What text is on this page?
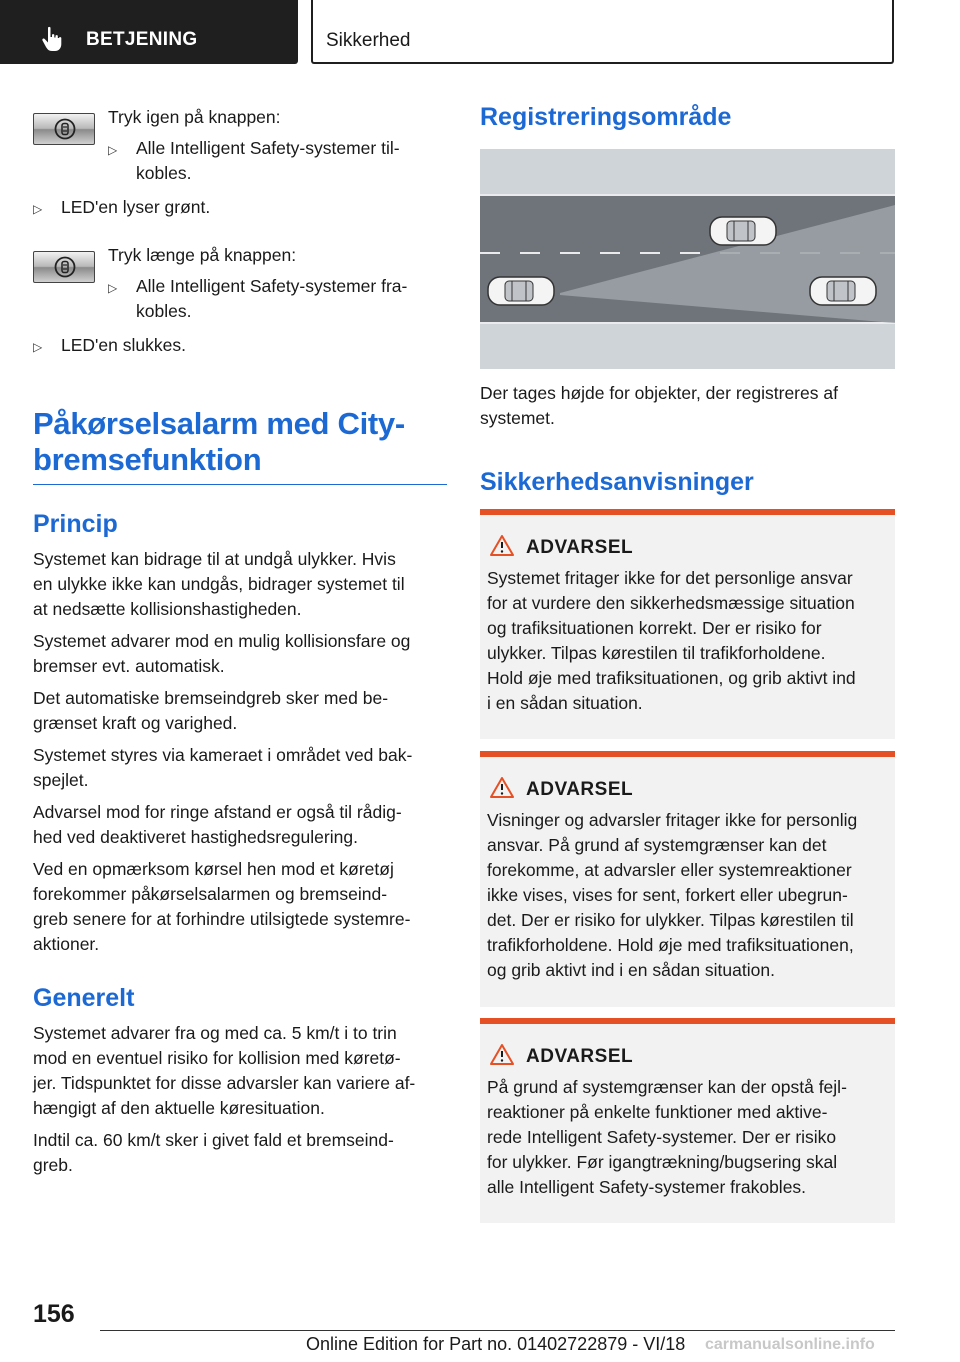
BETJENING	Sikkerhed
Tryk igen på knappen:
▷ Alle Intelligent Safety-systemer til-
kobles.
▷ LED'en lyser grønt.
Tryk længe på knappen:
▷ Alle Intelligent Safety-systemer fra-
kobles.
▷ LED'en slukkes.
Påkørselsalarm med City-
bremsefunktion
Princip
Systemet kan bidrage til at undgå ulykker. Hvis
en ulykke ikke kan undgås, bidrager systemet til
at nedsætte kollisionshastigheden.
Systemet advarer mod en mulig kollisionsfare og
bremser evt. automatisk.
Det automatiske bremseindgreb sker med be-
grænset kraft og varighed.
Systemet styres via kameraet i området ved bak-
spejlet.
Advarsel mod for ringe afstand er også til rådig-
hed ved deaktiveret hastighedsregulering.
Ved en opmærksom kørsel hen mod et køretøj
forekommer påkørselsalarmen og bremseind-
greb senere for at forhindre utilsigtede systemre-
aktioner.
Generelt
Systemet advarer fra og med ca. 5 km/t i to trin
mod en eventuel risiko for kollision med køretø-
jer. Tidspunktet for disse advarsler kan variere af-
hængigt af den aktuelle køresituation.
Indtil ca. 60 km/t sker i givet fald et bremseind-
greb.
Registreringsområde
Der tages højde for objekter, der registreres af
systemet.
Sikkerhedsanvisninger
ADVARSEL
Systemet fritager ikke for det personlige ansvar
for at vurdere den sikkerhedsmæssige situation
og trafiksituationen korrekt. Der er risiko for
ulykker. Tilpas kørestilen til trafikforholdene.
Hold øje med trafiksituationen, og grib aktivt ind
i en sådan situation.
ADVARSEL
Visninger og advarsler fritager ikke for personlig
ansvar. På grund af systemgrænser kan det
forekomme, at advarsler eller systemreaktioner
ikke vises, vises for sent, forkert eller ubegrun-
det. Der er risiko for ulykker. Tilpas kørestilen til
trafikforholdene. Hold øje med trafiksituationen,
og grib aktivt ind i en sådan situation.
ADVARSEL
På grund af systemgrænser kan der opstå fejl-
reaktioner på enkelte funktioner med aktive-
rede Intelligent Safety-systemer. Der er risiko
for ulykker. Før igangtrækning/bugsering skal
alle Intelligent Safety-systemer frakobles.
156
Online Edition for Part no. 01402722879 - VI/18 carmanualsonline.info
